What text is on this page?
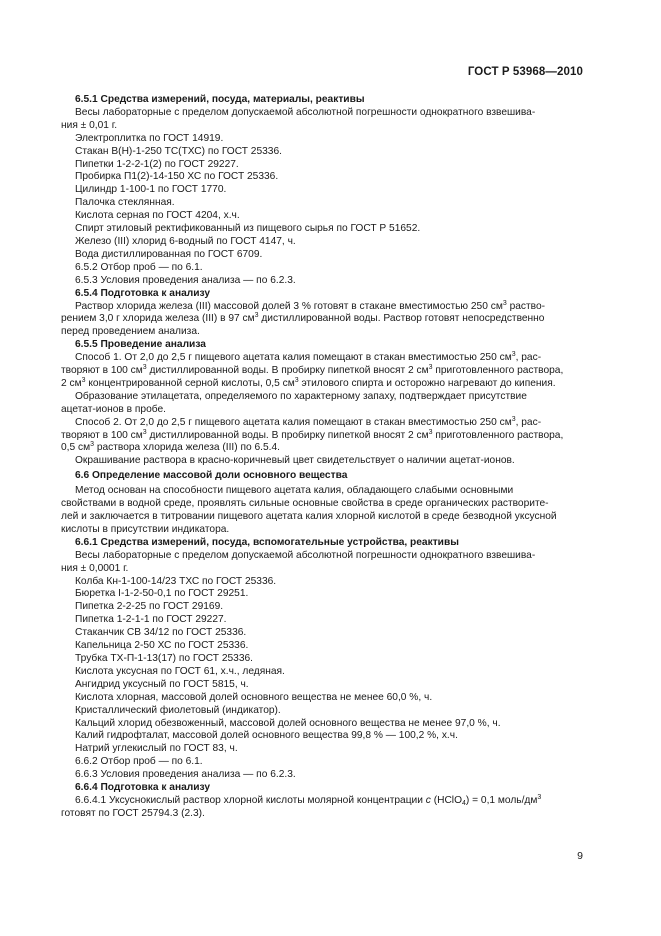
ГОСТ Р 53968—2010

6.5.1 Средства измерений, посуда, материалы, реактивы

Весы лабораторные с пределом допускаемой абсолютной погрешности однократного взвешива-

ния ± 0,01 г.

Электроплитка по ГОСТ 14919.

Стакан В(Н)-1-250 ТС(ТХС) по ГОСТ 25336.

Пипетки 1-2-2-1(2) по ГОСТ 29227.

Пробирка П1(2)-14-150 ХС по ГОСТ 25336.

Цилиндр 1-100-1 по ГОСТ 1770.

Палочка стеклянная.

Кислота серная по ГОСТ 4204, х.ч.

Спирт этиловый ректификованный из пищевого сырья по ГОСТ Р 51652.

Железо (III) хлорид 6-водный по ГОСТ 4147, ч.

Вода дистиллированная по ГОСТ 6709.

6.5.2 Отбор проб — по 6.1.

6.5.3 Условия проведения анализа — по 6.2.3.

6.5.4 Подготовка к анализу

Раствор хлорида железа (III) массовой долей 3 % готовят в стакане вместимостью 250 $см^3$ раство-

рением 3,0 г хлорида железа (III) в 97 $см^3$ дистиллированной воды. Раствор готовят непосредственно

перед проведением анализа.

6.5.5 Проведение анализа

Способ 1. От 2,0 до 2,5 г пищевого ацетата калия помещают в стакан вместимостью 250 $см^3$, рас-

творяют в 100 $см^3$ дистиллированной воды. В пробирку пипеткой вносят 2 $см^3$ приготовленного раствора,

2 $см^3$ концентрированной серной кислоты, 0,5 $см^3$ этилового спирта и осторожно нагревают до кипения.

Образование этилацетата, определяемого по характерному запаху, подтверждает присутствие

ацетат-ионов в пробе.

Способ 2. От 2,0 до 2,5 г пищевого ацетата калия помещают в стакан вместимостью 250 $см^3$, рас-

творяют в 100 $см^3$ дистиллированной воды. В пробирку пипеткой вносят 2 $см^3$ приготовленного раствора,

0,5 $см^3$ раствора хлорида железа (III) по 6.5.4.

Окрашивание раствора в красно-коричневый цвет свидетельствует о наличии ацетат-ионов.

6.6 Определение массовой доли основного вещества

Метод основан на способности пищевого ацетата калия, обладающего слабыми основными

свойствами в водной среде, проявлять сильные основные свойства в среде органических растворите-

лей и заключается в титровании пищевого ацетата калия хлорной кислотой в среде безводной уксусной

кислоты в присутствии индикатора.

6.6.1 Средства измерений, посуда, вспомогательные устройства, реактивы

Весы лабораторные с пределом допускаемой абсолютной погрешности однократного взвешива-

ния ± 0,0001 г.

Колба Кн-1-100-14/23 ТХС по ГОСТ 25336.

Бюретка I-1-2-50-0,1 по ГОСТ 29251.

Пипетка 2-2-25 по ГОСТ 29169.

Пипетка 1-2-1-1 по ГОСТ 29227.

Стаканчик СВ 34/12 по ГОСТ 25336.

Капельница 2-50 ХС по ГОСТ 25336.

Трубка ТХ-П-1-13(17) по ГОСТ 25336.

Кислота уксусная по ГОСТ 61, х.ч., ледяная.

Ангидрид уксусный по ГОСТ 5815, ч.

Кислота хлорная, массовой долей основного вещества не менее 60,0 %, ч.

Кристаллический фиолетовый (индикатор).

Кальций хлорид обезвоженный, массовой долей основного вещества не менее 97,0 %, ч.

Калий гидрофталат, массовой долей основного вещества 99,8 % — 100,2 %, х.ч.

Натрий углекислый по ГОСТ 83, ч.

6.6.2 Отбор проб — по 6.1.

6.6.3 Условия проведения анализа — по 6.2.3.

6.6.4 Подготовка к анализу

6.6.4.1 Уксуснокислый раствор хлорной кислоты молярной концентрации c (HClO$_4$) = 0,1 моль/$дм^3$

готовят по ГОСТ 25794.3 (2.3).

9
